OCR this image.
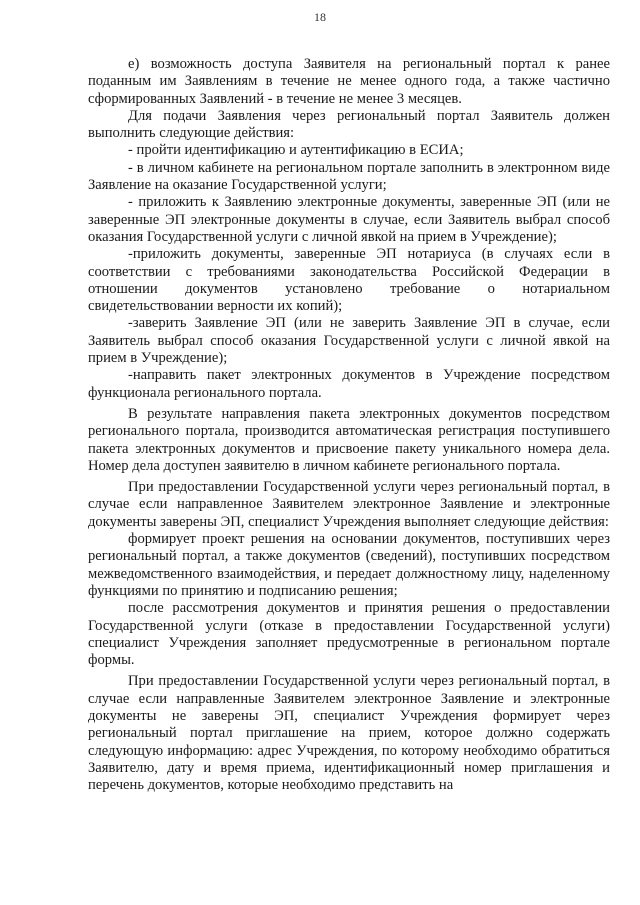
18

е) возможность доступа Заявителя на региональный портал к ранее поданным им Заявлениям в течение не менее одного года, а также частично сформированных Заявлений - в течение не менее 3 месяцев.

Для подачи Заявления через региональный портал Заявитель должен выполнить следующие действия:

- пройти идентификацию и аутентификацию в ЕСИА;

- в личном кабинете на региональном портале заполнить в электронном виде Заявление на оказание Государственной услуги;

- приложить к Заявлению электронные документы, заверенные ЭП (или не заверенные ЭП электронные документы в случае, если Заявитель выбрал способ оказания Государственной услуги с личной явкой на прием в Учреждение);

-приложить документы, заверенные ЭП нотариуса (в случаях если в соответствии с требованиями законодательства Российской Федерации в отношении документов установлено требование о нотариальном свидетельствовании верности их копий);

-заверить Заявление ЭП (или не заверить Заявление ЭП в случае, если Заявитель выбрал способ оказания Государственной услуги с личной явкой на прием в Учреждение);

-направить пакет электронных документов в Учреждение посредством функционала регионального портала.

В результате направления пакета электронных документов посредством регионального портала, производится автоматическая регистрация поступившего пакета электронных документов и присвоение пакету уникального номера дела. Номер дела доступен заявителю в личном кабинете регионального портала.

При предоставлении Государственной услуги через региональный портал, в случае если направленное Заявителем электронное Заявление и электронные документы заверены ЭП, специалист Учреждения выполняет следующие действия:

формирует проект решения на основании документов, поступивших через региональный портал, а также документов (сведений), поступивших посредством межведомственного взаимодействия, и передает должностному лицу, наделенному функциями по принятию и подписанию решения;

после рассмотрения документов и принятия решения о предоставлении Государственной услуги (отказе в предоставлении Государственной услуги) специалист Учреждения заполняет предусмотренные в региональном портале формы.

При предоставлении Государственной услуги через региональный портал, в случае если направленные Заявителем электронное Заявление и электронные документы не заверены ЭП, специалист Учреждения формирует через региональный портал приглашение на прием, которое должно содержать следующую информацию: адрес Учреждения, по которому необходимо обратиться Заявителю, дату и время приема, идентификационный номер приглашения и перечень документов, которые необходимо представить на
